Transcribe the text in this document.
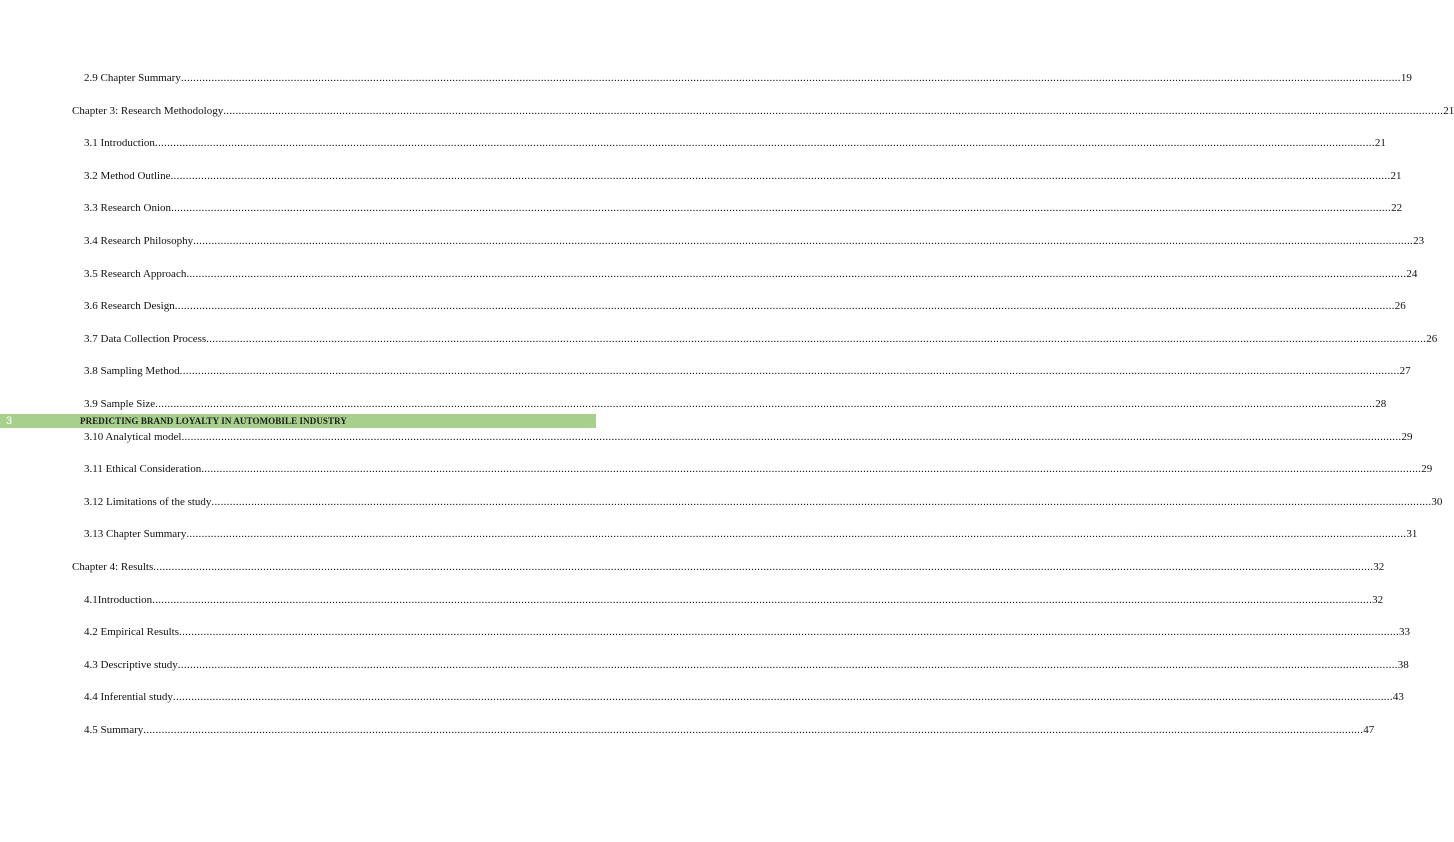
2.9 Chapter Summary ................................................................................................................................................................................................................................................................................................................................................................................................................ 19
Chapter 3: Research Methodology ................................................................................................................................................................................................................................................................................................................................................................................................................ 21
3.1 Introduction ................................................................................................................................................................................................................................................................................................................................................................................................................ 21
3.2 Method Outline ................................................................................................................................................................................................................................................................................................................................................................................................................ 21
3.3 Research Onion ................................................................................................................................................................................................................................................................................................................................................................................................................ 22
3.4 Research Philosophy ................................................................................................................................................................................................................................................................................................................................................................................................................ 23
3.5 Research Approach ................................................................................................................................................................................................................................................................................................................................................................................................................ 24
3.6 Research Design ................................................................................................................................................................................................................................................................................................................................................................................................................ 26
3.7 Data Collection Process ................................................................................................................................................................................................................................................................................................................................................................................................................ 26
3.8 Sampling Method ................................................................................................................................................................................................................................................................................................................................................................................................................ 27
3.9 Sample Size ................................................................................................................................................................................................................................................................................................................................................................................................................ 28
3.10 Analytical model ................................................................................................................................................................................................................................................................................................................................................................................................................ 29
3.11 Ethical Consideration ................................................................................................................................................................................................................................................................................................................................................................................................................ 29
3.12 Limitations of the study ................................................................................................................................................................................................................................................................................................................................................................................................................ 30
3.13 Chapter Summary ................................................................................................................................................................................................................................................................................................................................................................................................................ 31
Chapter 4: Results ................................................................................................................................................................................................................................................................................................................................................................................................................ 32
4.1Introduction ................................................................................................................................................................................................................................................................................................................................................................................................................ 32
4.2 Empirical Results ................................................................................................................................................................................................................................................................................................................................................................................................................ 33
4.3 Descriptive study ................................................................................................................................................................................................................................................................................................................................................................................................................ 38
4.4 Inferential study ................................................................................................................................................................................................................................................................................................................................................................................................................ 43
4.5 Summary ................................................................................................................................................................................................................................................................................................................................................................................................................ 47
3	PREDICTING BRAND LOYALTY IN AUTOMOBILE INDUSTRY
